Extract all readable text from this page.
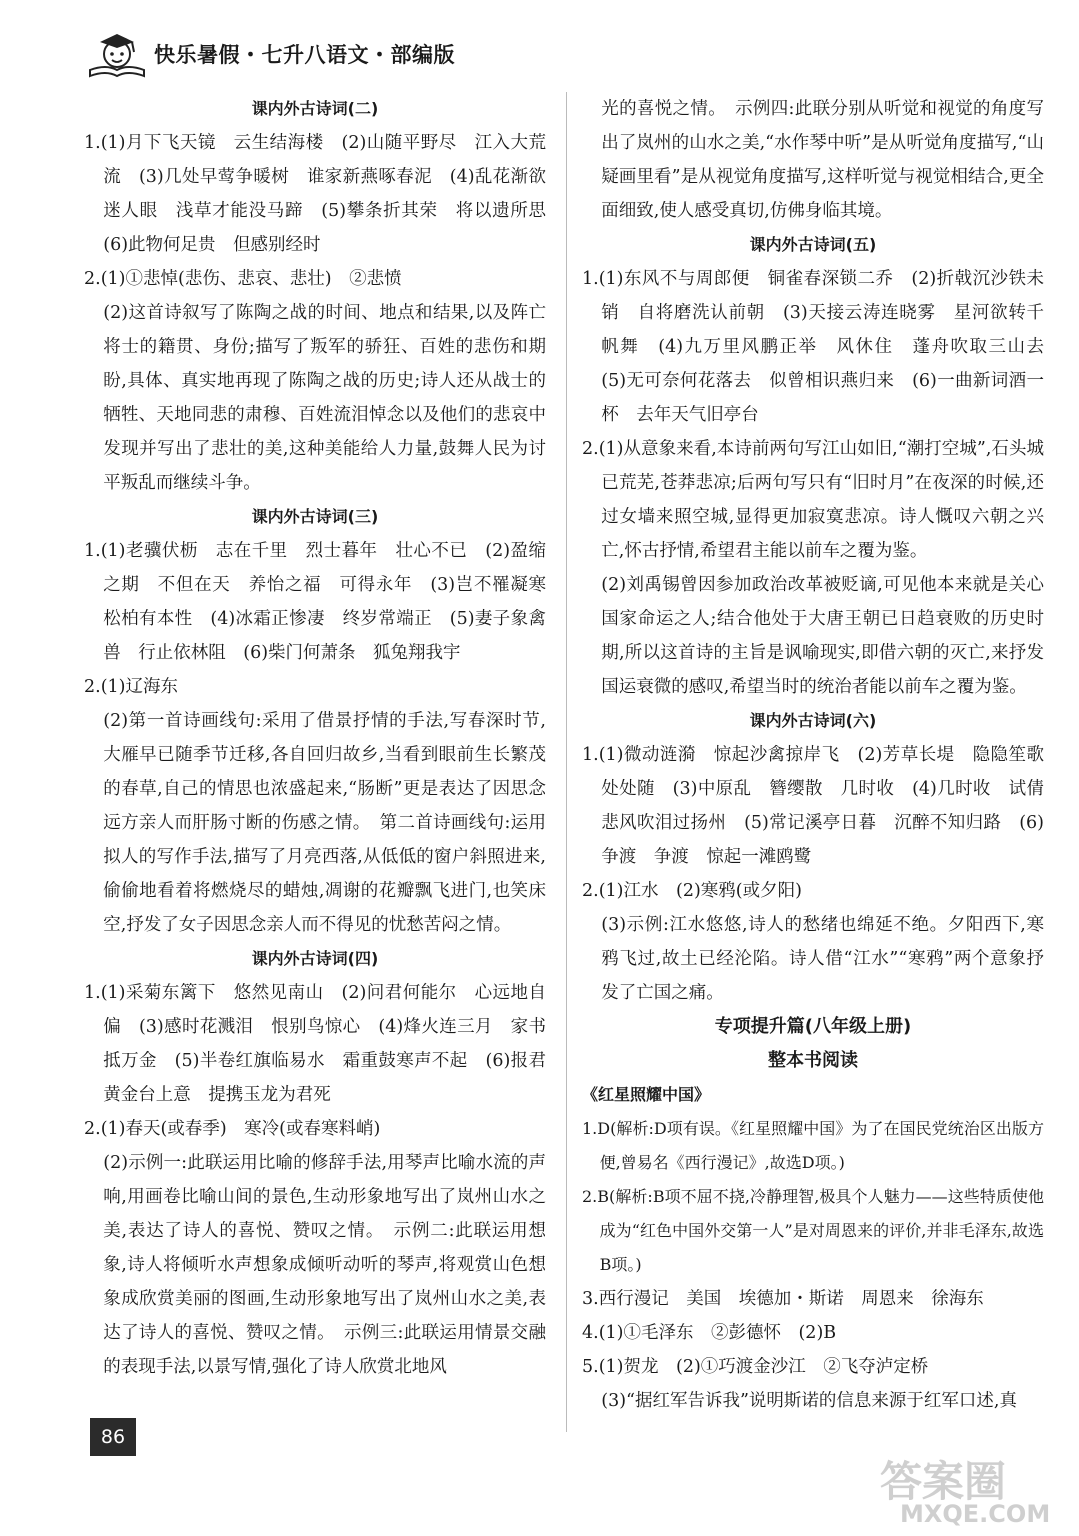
快乐暑假・七升八语文・部编版
课内外古诗词(二)
1.(1)月下飞天镜　云生结海楼　(2)山随平野尽　江入大荒流　(3)几处早莺争暖树　谁家新燕啄春泥　(4)乱花渐欲迷人眼　浅草才能没马蹄　(5)攀条折其荣　将以遗所思　(6)此物何足贵　但感别经时
2.(1)①悲悼(悲伤、悲哀、悲壮)　②悲愤
(2)这首诗叙写了陈陶之战的时间、地点和结果,以及阵亡将士的籍贯、身份;描写了叛军的骄狂、百姓的悲伤和期盼,具体、真实地再现了陈陶之战的历史;诗人还从战士的牺牲、天地同悲的肃穆、百姓流泪悼念以及他们的悲哀中发现并写出了悲壮的美,这种美能给人力量,鼓舞人民为讨平叛乱而继续斗争。
课内外古诗词(三)
1.(1)老骥伏枥　志在千里　烈士暮年　壮心不已　(2)盈缩之期　不但在天　养怡之福　可得永年　(3)岂不罹凝寒　松柏有本性　(4)冰霜正惨凄　终岁常端正　(5)妻子象禽兽　行止依林阻　(6)柴门何萧条　狐兔翔我宇
2.(1)辽海东
(2)第一首诗画线句:采用了借景抒情的手法,写春深时节,大雁早已随季节迁移,各自回归故乡,当看到眼前生长繁茂的春草,自己的情思也浓盛起来,“肠断”更是表达了因思念远方亲人而肝肠寸断的伤感之情。　第二首诗画线句:运用拟人的写作手法,描写了月亮西落,从低低的窗户斜照进来,偷偷地看着将燃烧尽的蜡烛,凋谢的花瓣飘飞进门,也笑床空,抒发了女子因思念亲人而不得见的忧愁苦闷之情。
课内外古诗词(四)
1.(1)采菊东篱下　悠然见南山　(2)问君何能尔　心远地自偏　(3)感时花溅泪　恨别鸟惊心　(4)烽火连三月　家书抵万金　(5)半卷红旗临易水　霜重鼓寒声不起　(6)报君黄金台上意　提携玉龙为君死
2.(1)春天(或春季)　寒冷(或春寒料峭)
(2)示例一:此联运用比喻的修辞手法,用琴声比喻水流的声响,用画卷比喻山间的景色,生动形象地写出了岚州山水之美,表达了诗人的喜悦、赞叹之情。　示例二:此联运用想象,诗人将倾听水声想象成倾听动听的琴声,将观赏山色想象成欣赏美丽的图画,生动形象地写出了岚州山水之美,表达了诗人的喜悦、赞叹之情。　示例三:此联运用情景交融的表现手法,以景写情,强化了诗人欣赏北地风
光的喜悦之情。　示例四:此联分别从听觉和视觉的角度写出了岚州的山水之美,“水作琴中听”是从听觉角度描写,“山疑画里看”是从视觉角度描写,这样听觉与视觉相结合,更全面细致,使人感受真切,仿佛身临其境。
课内外古诗词(五)
1.(1)东风不与周郎便　铜雀春深锁二乔　(2)折戟沉沙铁未销　自将磨洗认前朝　(3)天接云涛连晓雾　星河欲转千帆舞　(4)九万里风鹏正举　风休住　蓬舟吹取三山去　(5)无可奈何花落去　似曾相识燕归来　(6)一曲新词酒一杯　去年天气旧亭台
2.(1)从意象来看,本诗前两句写江山如旧,“潮打空城”,石头城已荒芜,苍莽悲凉;后两句写只有“旧时月”在夜深的时候,还过女墙来照空城,显得更加寂寞悲凉。诗人慨叹六朝之兴亡,怀古抒情,希望君主能以前车之覆为鉴。
(2)刘禹锡曾因参加政治改革被贬谪,可见他本来就是关心国家命运之人;结合他处于大唐王朝已日趋衰败的历史时期,所以这首诗的主旨是讽喻现实,即借六朝的灭亡,来抒发国运衰微的感叹,希望当时的统治者能以前车之覆为鉴。
课内外古诗词(六)
1.(1)微动涟漪　惊起沙禽掠岸飞　(2)芳草长堤　隐隐笙歌处处随　(3)中原乱　簪缨散　几时收　(4)几时收　试倩悲风吹泪过扬州　(5)常记溪亭日暮　沉醉不知归路　(6)争渡　争渡　惊起一滩鸥鹭
2.(1)江水　(2)寒鸦(或夕阳)
(3)示例:江水悠悠,诗人的愁绪也绵延不绝。夕阳西下,寒鸦飞过,故土已经沦陷。诗人借“江水”“寒鸦”两个意象抒发了亡国之痛。
专项提升篇(八年级上册)
整本书阅读
《红星照耀中国》
1.D(解析:D项有误。《红星照耀中国》为了在国民党统治区出版方便,曾易名《西行漫记》,故选D项。)
2.B(解析:B项不屈不挠,冷静理智,极具个人魅力——这些特质使他成为“红色中国外交第一人”是对周恩来的评价,并非毛泽东,故选B项。)
3.西行漫记　美国　埃德加・斯诺　周恩来　徐海东
4.(1)①毛泽东　②彭德怀　(2)B
5.(1)贺龙　(2)①巧渡金沙江　②飞夺泸定桥
(3)“据红军告诉我”说明斯诺的信息来源于红军口述,真
86
答案圈
MXQE.COM
